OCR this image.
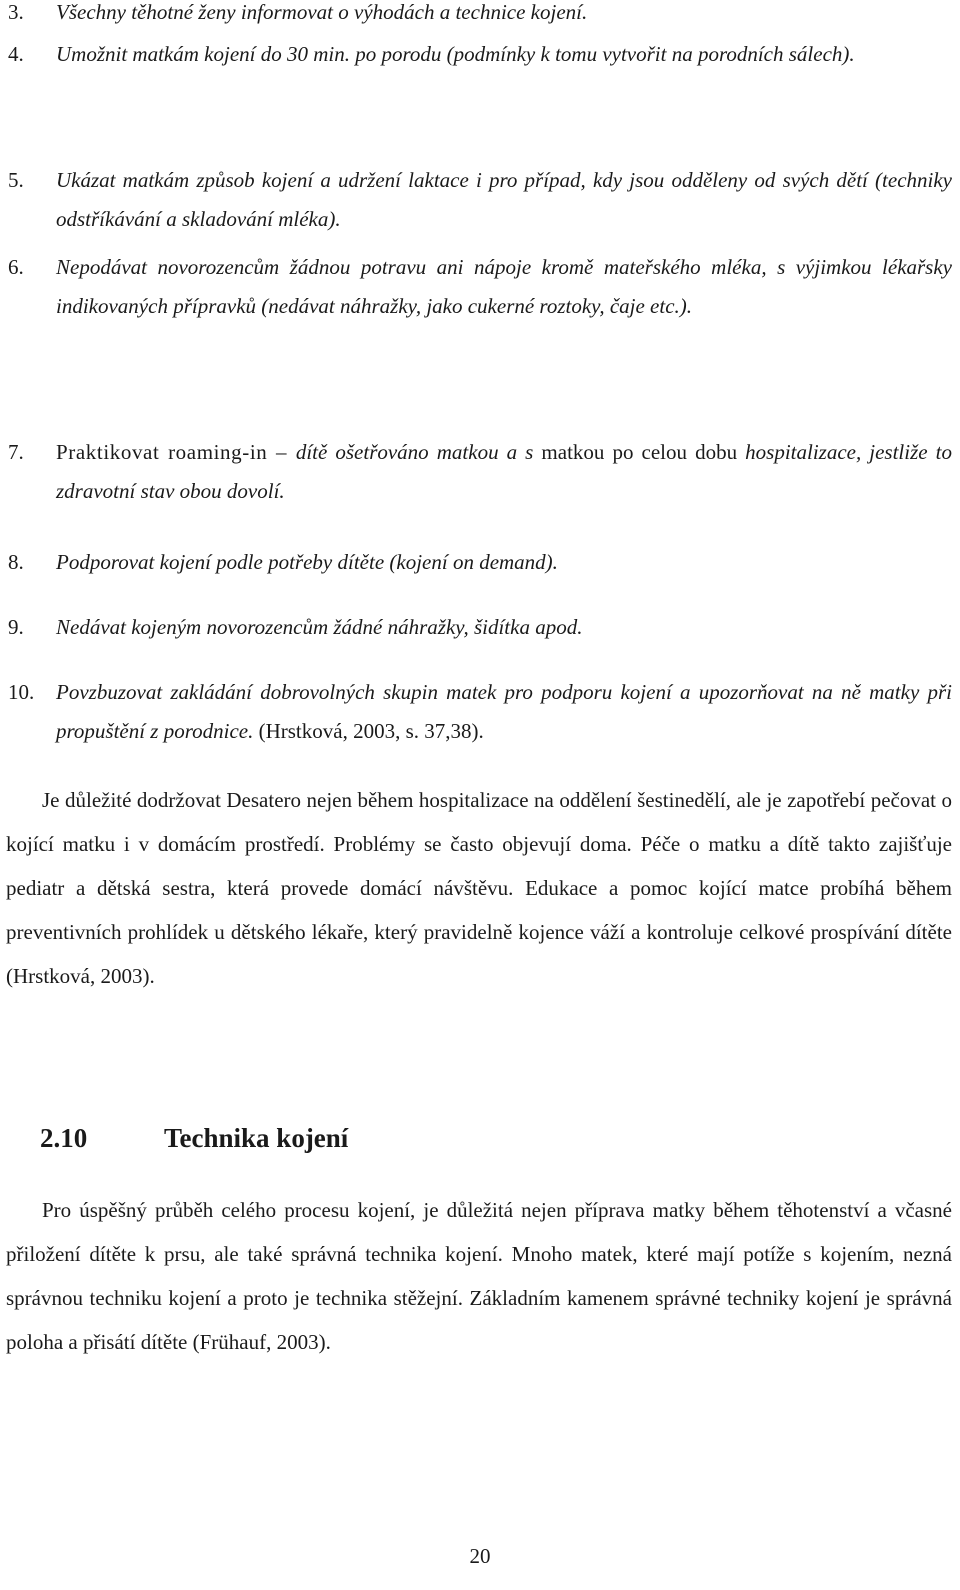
3.	Všechny těhotné ženy informovat o výhodách a technice kojení.
4.	Umožnit matkám kojení do 30 min. po porodu (podmínky k tomu vytvořit na porodních sálech).
5.	Ukázat matkám způsob kojení a udržení laktace i pro případ, kdy jsou odděleny od svých dětí (techniky odstříkávání a skladování mléka).
6.	Nepodávat novorozencům žádnou potravu ani nápoje kromě mateřského mléka, s výjimkou lékařsky indikovaných přípravků (nedávat náhražky, jako cukerné roztoky, čaje etc.).
7.	Praktikovat roaming-in – dítě ošetřováno matkou a s matkou po celou dobu hospitalizace, jestliže to zdravotní stav obou dovolí.
8.	Podporovat kojení podle potřeby dítěte (kojení on demand).
9.	Nedávat kojeným novorozencům žádné náhražky, šidítka apod.
10.	Povzbuzovat zakládání dobrovolných skupin matek pro podporu kojení a upozorňovat na ně matky při propuštění z porodnice. (Hrstková, 2003, s. 37,38).

Je důležité dodržovat Desatero nejen během hospitalizace na oddělení šestinedělí, ale je zapotřebí pečovat o kojící matku i v domácím prostředí. Problémy se často objevují doma. Péče o matku a dítě takto zajišťuje pediatr a dětská sestra, která provede domácí návštěvu. Edukace a pomoc kojící matce probíhá během preventivních prohlídek u dětského lékaře, který pravidelně kojence váží a kontroluje celkové prospívání dítěte (Hrstková, 2003).

2.10	Technika kojení

Pro úspěšný průběh celého procesu kojení, je důležitá nejen příprava matky během těhotenství a včasné přiložení dítěte k prsu, ale také správná technika kojení. Mnoho matek, které mají potíže s kojením, nezná správnou techniku kojení a proto je technika stěžejní. Základním kamenem správné techniky kojení je správná poloha a přisátí dítěte (Frühauf, 2003).

20
